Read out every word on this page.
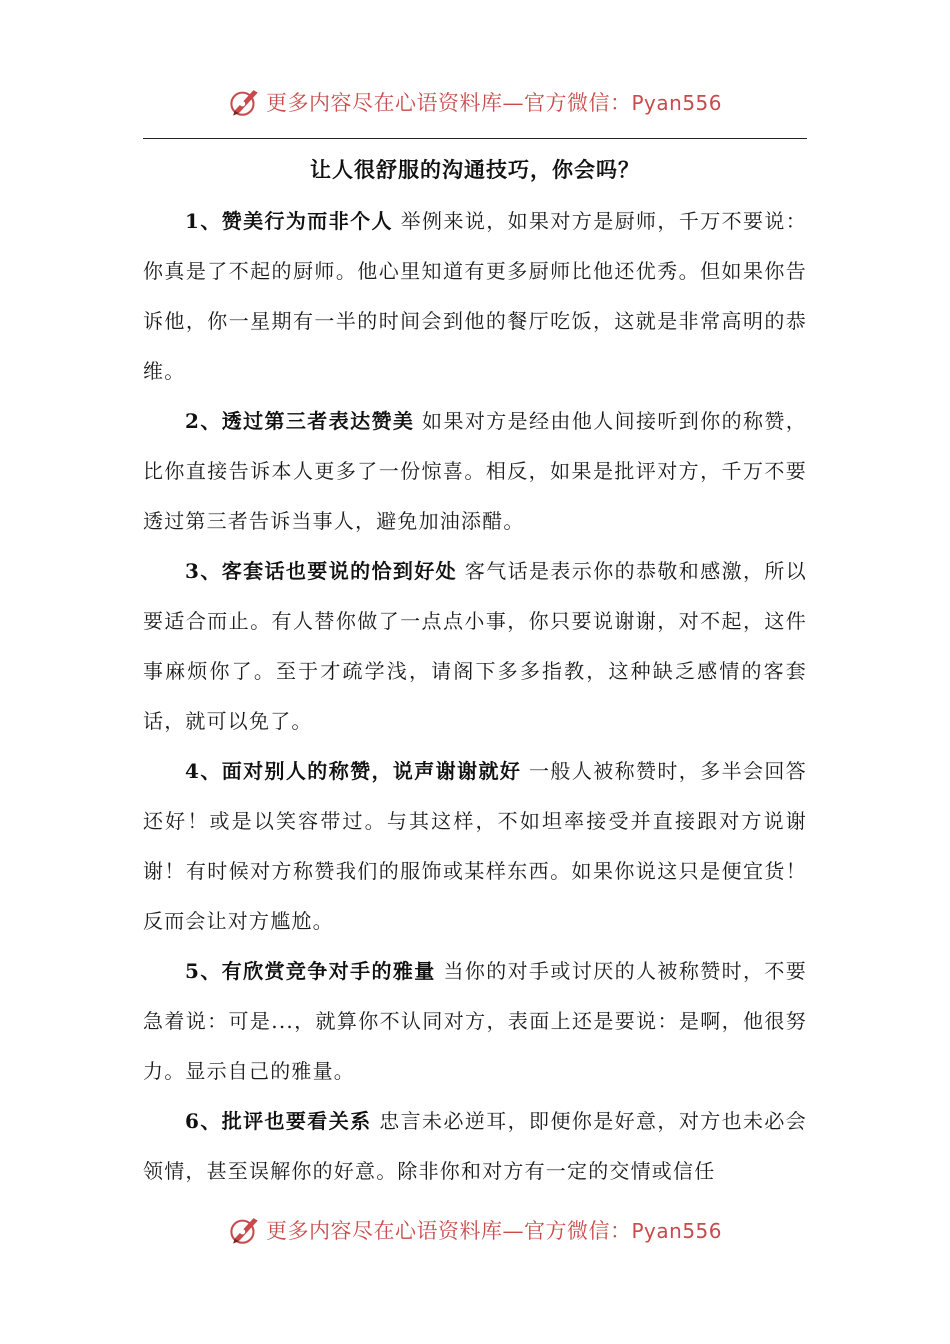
更多内容尽在心语资料库—官方微信：Pyan556
让人很舒服的沟通技巧，你会吗？

1、赞美行为而非个人 举例来说，如果对方是厨师，千万不要说：你真是了不起的厨师。他心里知道有更多厨师比他还优秀。但如果你告诉他，你一星期有一半的时间会到他的餐厅吃饭，这就是非常高明的恭维。

2、透过第三者表达赞美 如果对方是经由他人间接听到你的称赞，比你直接告诉本人更多了一份惊喜。相反，如果是批评对方，千万不要透过第三者告诉当事人，避免加油添醋。

3、客套话也要说的恰到好处 客气话是表示你的恭敬和感激，所以要适合而止。有人替你做了一点点小事，你只要说谢谢，对不起，这件事麻烦你了。至于才疏学浅，请阁下多多指教，这种缺乏感情的客套话，就可以免了。

4、面对别人的称赞，说声谢谢就好 一般人被称赞时，多半会回答还好！或是以笑容带过。与其这样，不如坦率接受并直接跟对方说谢谢！有时候对方称赞我们的服饰或某样东西。如果你说这只是便宜货！反而会让对方尴尬。

5、有欣赏竞争对手的雅量 当你的对手或讨厌的人被称赞时，不要急着说：可是...，就算你不认同对方，表面上还是要说：是啊，他很努力。显示自己的雅量。

6、批评也要看关系 忠言未必逆耳，即便你是好意，对方也未必会领情，甚至误解你的好意。除非你和对方有一定的交情或信任

更多内容尽在心语资料库—官方微信：Pyan556
